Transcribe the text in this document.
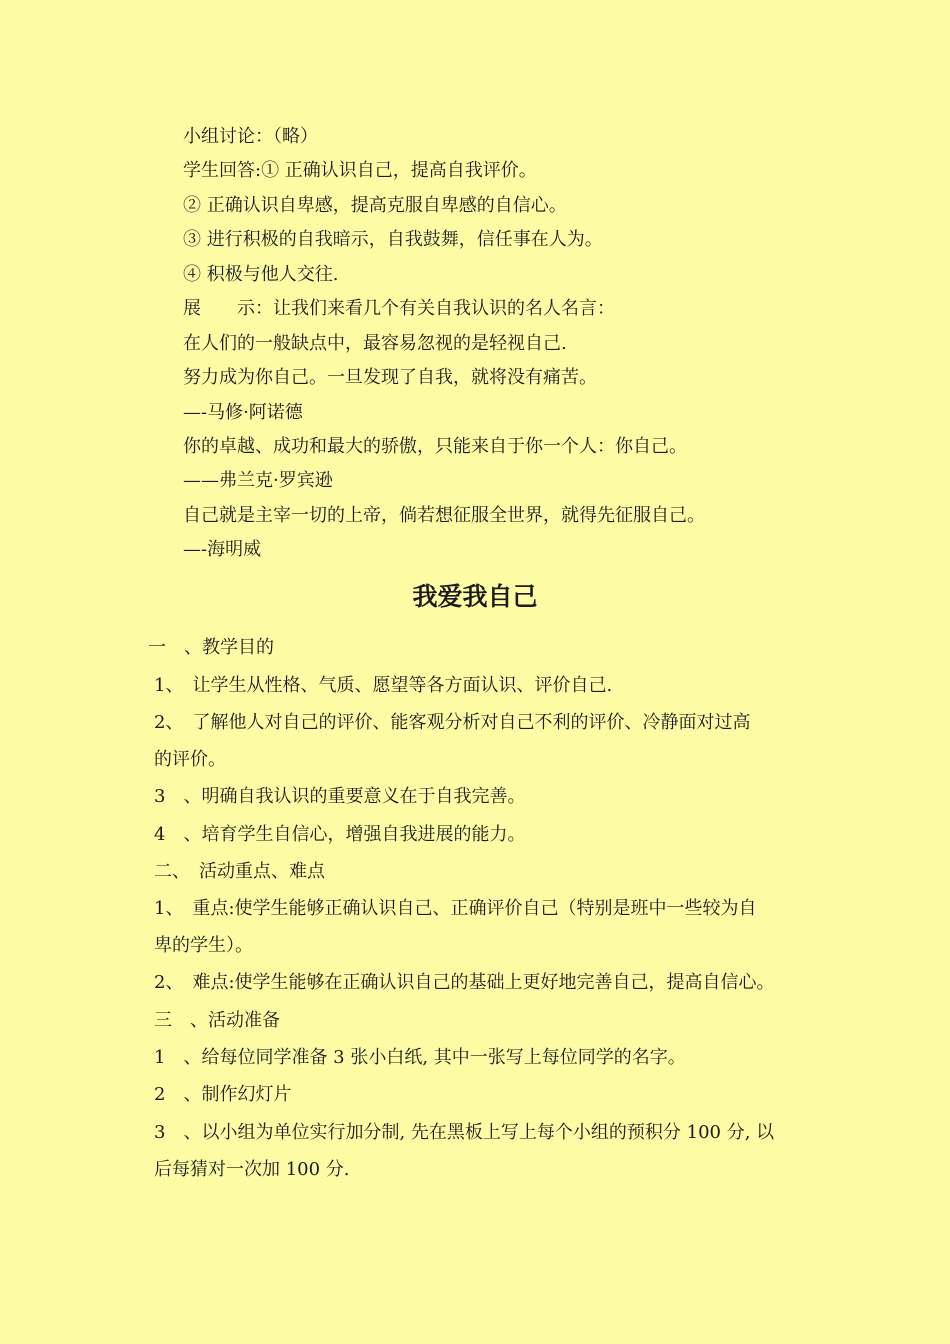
小组讨论：（略）

学生回答:① 正确认识自己，提高自我评价。

② 正确认识自卑感，提高克服自卑感的自信心。

③ 进行积极的自我暗示，自我鼓舞，信任事在人为。

④ 积极与他人交往.

展　　示：让我们来看几个有关自我认识的名人名言：

在人们的一般缺点中，最容易忽视的是轻视自己.

努力成为你自己。一旦发现了自我，就将没有痛苦。

—-马修·阿诺德

你的卓越、成功和最大的骄傲，只能来自于你一个人：你自己。

——弗兰克·罗宾逊

自己就是主宰一切的上帝，倘若想征服全世界，就得先征服自己。

—-海明威

我爱我自己

一　、教学目的

1、　让学生从性格、气质、愿望等各方面认识、评价自己.

2、　了解他人对自己的评价、能客观分析对自己不利的评价、冷静面对过高

的评价。

3　、明确自我认识的重要意义在于自我完善。

4　、培育学生自信心，增强自我进展的能力。

二、　活动重点、难点

1、　重点:使学生能够正确认识自己、正确评价自己（特别是班中一些较为自

卑的学生）。

2、　难点:使学生能够在正确认识自己的基础上更好地完善自己，提高自信心。

三　、活动准备

1　、给每位同学准备 3 张小白纸, 其中一张写上每位同学的名字。

2　、制作幻灯片

3　、以小组为单位实行加分制, 先在黑板上写上每个小组的预积分 100 分, 以

后每猜对一次加 100 分.
